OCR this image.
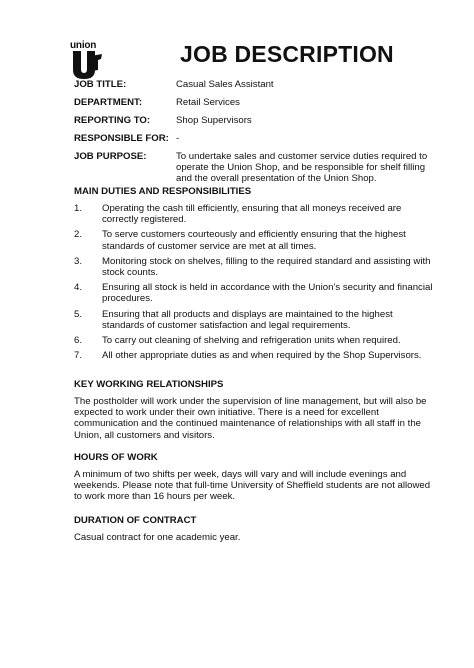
union	JOB DESCRIPTION
JOB TITLE:	Casual Sales Assistant
DEPARTMENT:	Retail Services
REPORTING TO:	Shop Supervisors
RESPONSIBLE FOR: -
JOB PURPOSE:	To undertake sales and customer service duties required to operate the Union Shop, and be responsible for shelf filling and the overall presentation of the Union Shop.
MAIN DUTIES AND RESPONSIBILITIES
1.	Operating the cash till efficiently, ensuring that all moneys received are correctly registered.
2.	To serve customers courteously and efficiently ensuring that the highest standards of customer service are met at all times.
3.	Monitoring stock on shelves, filling to the required standard and assisting with stock counts.
4.	Ensuring all stock is held in accordance with the Union’s security and financial procedures.
5.	Ensuring that all products and displays are maintained to the highest standards of customer satisfaction and legal requirements.
6.	To carry out cleaning of shelving and refrigeration units when required.
7.	All other appropriate duties as and when required by the Shop Supervisors.
KEY WORKING RELATIONSHIPS
The postholder will work under the supervision of line management, but will also be expected to work under their own initiative. There is a need for excellent communication and the continued maintenance of relationships with all staff in the Union, all customers and visitors.
HOURS OF WORK
A minimum of two shifts per week, days will vary and will include evenings and weekends. Please note that full-time University of Sheffield students are not allowed to work more than 16 hours per week.
DURATION OF CONTRACT
Casual contract for one academic year.
